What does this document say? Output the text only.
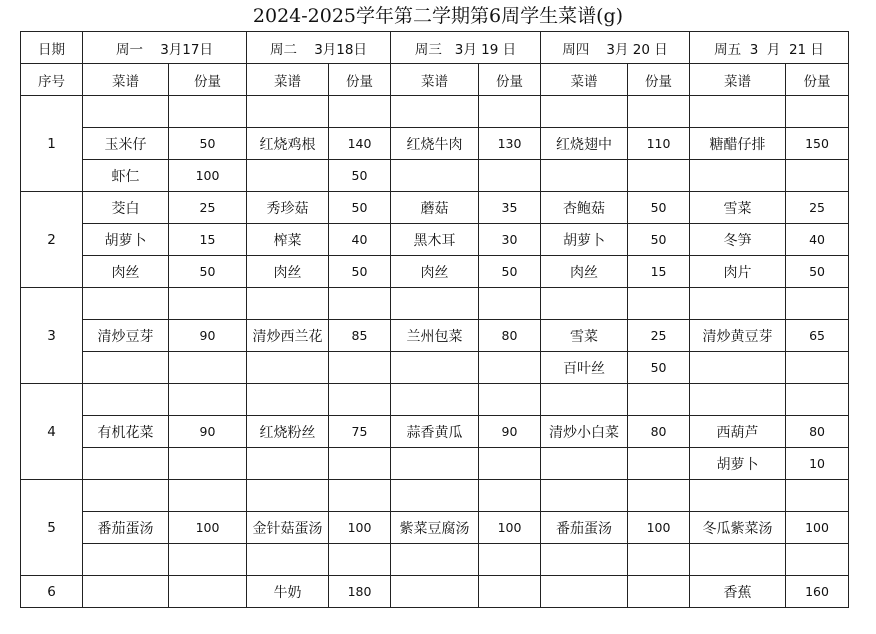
2024-2025学年第二学期第6周学生菜谱(g)
日期	周一    3月17日		周二    3月18日		周三   3月 19 日		周四    3月 20 日		周五  3  月  21 日	
序号	菜谱	份量	菜谱	份量	菜谱	份量	菜谱	份量	菜谱	份量
1										
	玉米仔	50	红烧鸡根	140	红烧牛肉	130	红烧翅中	110	糖醋仔排	150
	虾仁	100		50						
2	茭白	25	秀珍菇	50	蘑菇	35	杏鲍菇	50	雪菜	25
	胡萝卜	15	榨菜	40	黑木耳	30	胡萝卜	50	冬笋	40
	肉丝	50	肉丝	50	肉丝	50	肉丝	15	肉片	50
3										
	清炒豆芽	90	清炒西兰花	85	兰州包菜	80	雪菜	25	清炒黄豆芽	65
							百叶丝	50		
4										
	有机花菜	90	红烧粉丝	75	蒜香黄瓜	90	清炒小白菜	80	西葫芦	80
									胡萝卜	10
5										
	番茄蛋汤	100	金针菇蛋汤	100	紫菜豆腐汤	100	番茄蛋汤	100	冬瓜紫菜汤	100

6			牛奶	180					香蕉	160
